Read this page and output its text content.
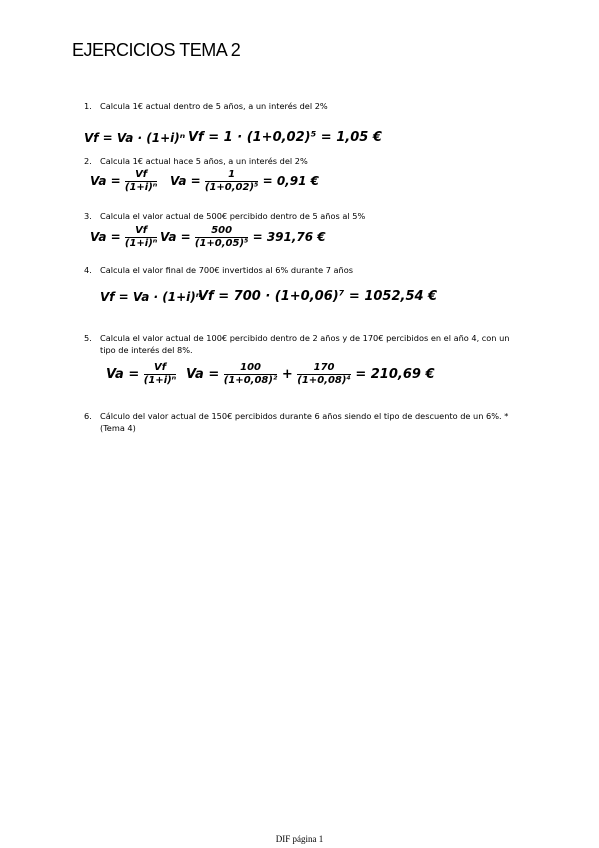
EJERCICIOS TEMA 2
1. Calcula 1€ actual dentro de 5 años, a un interés del 2%
Vf = Va · (1+i)ⁿ Vf = 1 · (1+0,02)⁵ = 1,05 €
2. Calcula 1€ actual hace 5 años, a un interés del 2%
$Va = \frac{Vf}{\text{(1+i)ⁿ}}$ $Va = \frac{1}{\text{(1+0,02)⁵}} = 0,91$ €
3. Calcula el valor actual de 500€ percibido dentro de 5 años al 5%
$Va = \frac{Vf}{\text{(1+i)ⁿ}}$ $Va = \frac{500}{\text{(1+0,05)⁵}} = 391,76$ €
4. Calcula el valor final de 700€ invertidos al 6% durante 7 años
Vf = Va · (1+i)ⁿ
Vf = 700 · (1+0,06)⁷ = 1052,54 €
5. Calcula el valor actual de 100€ percibido dentro de 2 años y de 170€ percibidos en el año 4, con un tipo de interés del 8%.
$Va = \frac{Vf}{\text{(1+i)ⁿ}}$ $Va = \frac{100}{\text{(1+0,08)²}} + \frac{170}{\text{(1+0,08)⁴}} = 210,69$ €
6. Cálculo del valor actual de 150€ percibidos durante 6 años siendo el tipo de descuento de un 6%. * (Tema 4)
DIF página 1
